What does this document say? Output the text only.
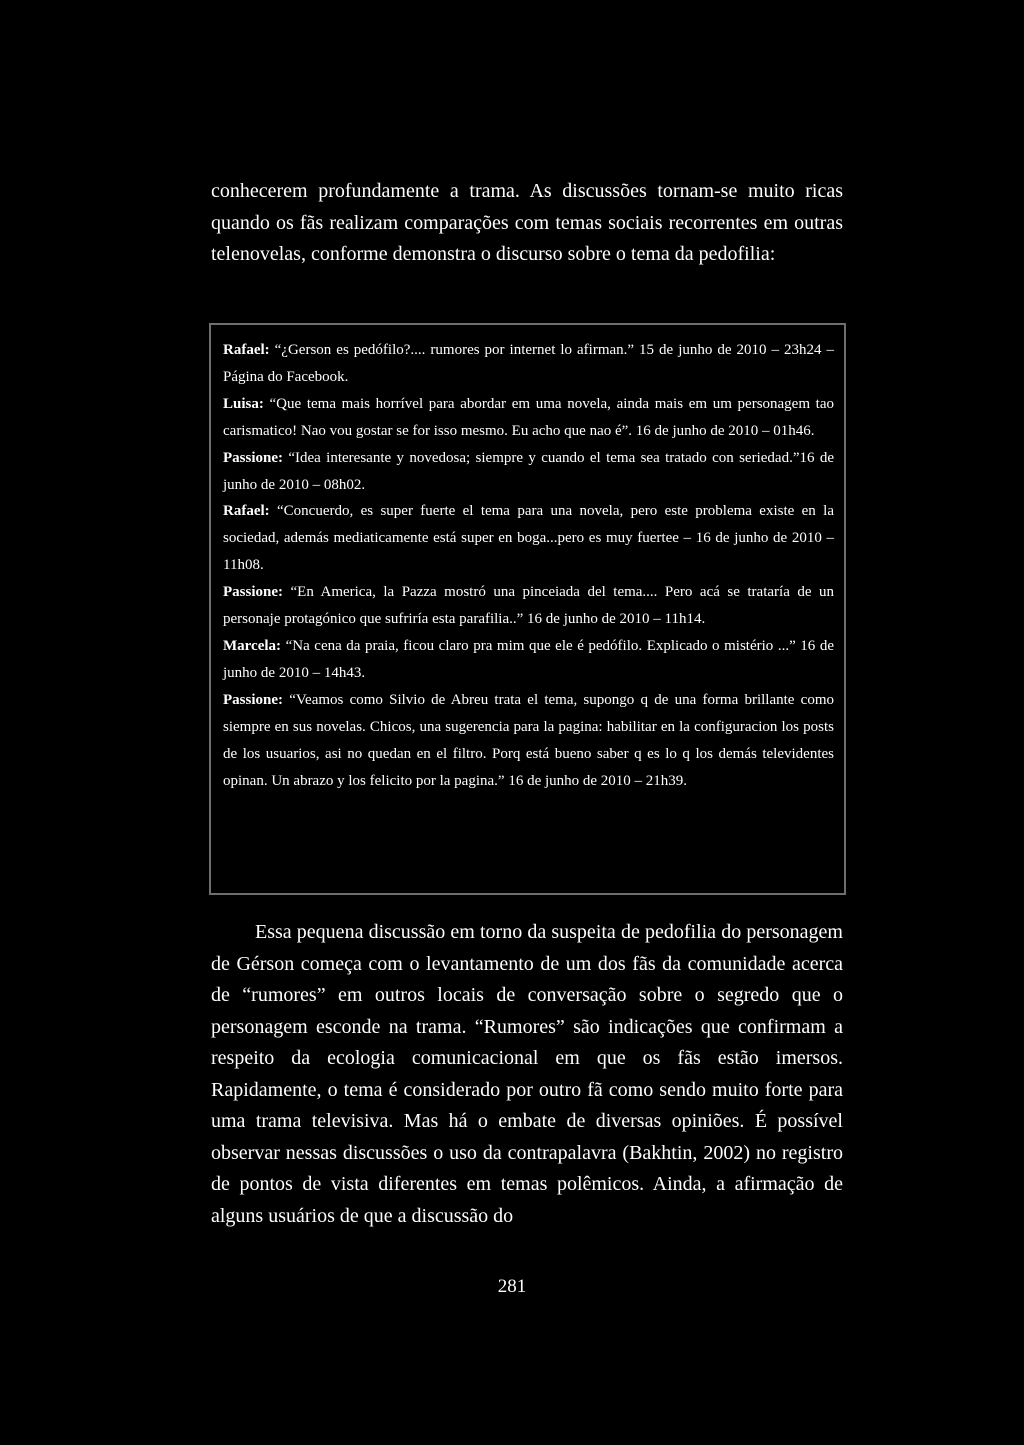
conhecerem profundamente a trama. As discussões tornam-se muito ricas quando os fãs realizam comparações com temas sociais recorrentes em outras telenovelas, conforme demonstra o discurso sobre o tema da pedofilia:

Rafael: “¿Gerson es pedófilo?.... rumores por internet lo afirman.” 15 de junho de 2010 – 23h24 – Página do Facebook.

Luisa: “Que tema mais horrível para abordar em uma novela, ainda mais em um personagem tao carismatico! Nao vou gostar se for isso mesmo. Eu acho que nao é”. 16 de junho de 2010 – 01h46.

Passione: “Idea interesante y novedosa; siempre y cuando el tema sea tratado con seriedad.”16 de junho de 2010 – 08h02.

Rafael: “Concuerdo, es super fuerte el tema para una novela, pero este problema existe en la sociedad, además mediaticamente está super en boga...pero es muy fuertee – 16 de junho de 2010 – 11h08.

Passione: “En America, la Pazza mostró una pinceiada del tema.... Pero acá se trataría de un personaje protagónico que sufriría esta parafilia..” 16 de junho de 2010 – 11h14.

Marcela: “Na cena da praia, ficou claro pra mim que ele é pedófilo. Explicado o mistério ...” 16 de junho de 2010 – 14h43.

Passione: “Veamos como Silvio de Abreu trata el tema, supongo q de una forma brillante como siempre en sus novelas. Chicos, una sugerencia para la pagina: habilitar en la configuracion los posts de los usuarios, asi no quedan en el filtro. Porq está bueno saber q es lo q los demás televidentes opinan. Un abrazo y los felicito por la pagina.” 16 de junho de 2010 – 21h39.

Essa pequena discussão em torno da suspeita de pedofilia do personagem de Gérson começa com o levantamento de um dos fãs da comunidade acerca de “rumores” em outros locais de conversação sobre o segredo que o personagem esconde na trama. “Rumores” são indicações que confirmam a respeito da ecologia comunicacional em que os fãs estão imersos. Rapidamente, o tema é considerado por outro fã como sendo muito forte para uma trama televisiva. Mas há o embate de diversas opiniões. É possível observar nessas discussões o uso da contrapalavra (Bakhtin, 2002) no registro de pontos de vista diferentes em temas polêmicos. Ainda, a afirmação de alguns usuários de que a discussão do

281
